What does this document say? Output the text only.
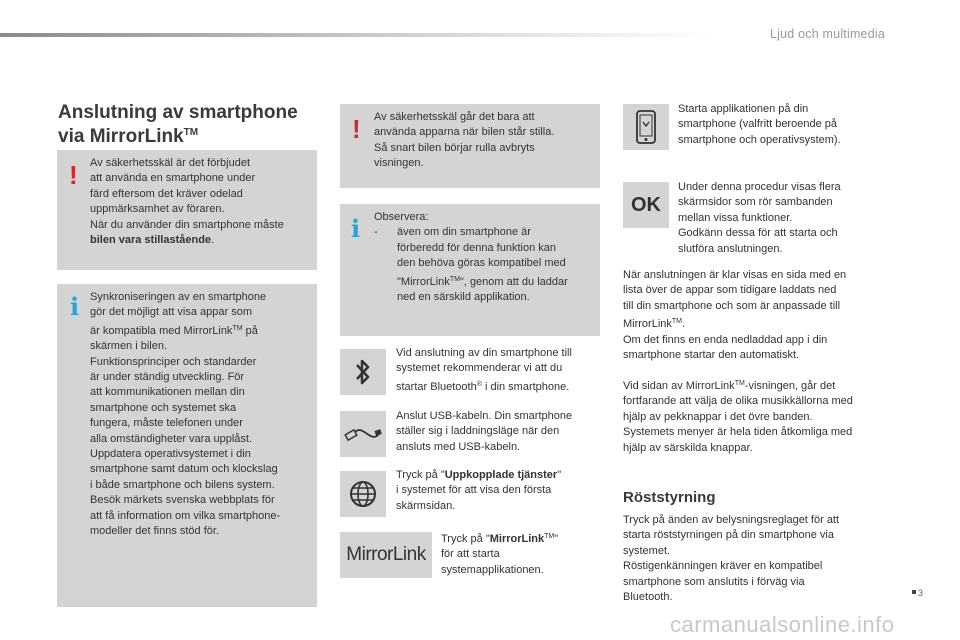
Ljud och multimedia
Anslutning av smartphone
via MirrorLink™
! Av säkerhetsskäl är det förbjudet
att använda en smartphone under
färd eftersom det kräver odelad
uppmärksamhet av föraren.
När du använder din smartphone måste
bilen vara stillastående.
i Synkroniseringen av en smartphone
gör det möjligt att visa appar som
är kompatibla med MirrorLink™ på
skärmen i bilen.
Funktionsprinciper och standarder
är under ständig utveckling. För
att kommunikationen mellan din
smartphone och systemet ska
fungera, måste telefonen under
alla omständigheter vara upplåst.
Uppdatera operativsystemet i din
smartphone samt datum och klockslag
i både smartphone och bilens system.
Besök märkets svenska webbplats för
att få information om vilka smartphone-
modeller det finns stöd för.
! Av säkerhetsskäl går det bara att
använda apparna när bilen står stilla.
Så snart bilen börjar rulla avbryts
visningen.
i Observera:
-	även om din smartphone är
förberedd för denna funktion kan
den behöva göras kompatibel med
"MirrorLink™", genom att du laddar
ned en särskild applikation.
Vid anslutning av din smartphone till
systemet rekommenderar vi att du
startar Bluetooth® i din smartphone.
Anslut USB-kabeln. Din smartphone
ställer sig i laddningsläge när den
ansluts med USB-kabeln.
Tryck på "Uppkopplade tjänster"
i systemet för att visa den första
skärmsidan.
MirrorLink
Tryck på "MirrorLink™"
för att starta
systemapplikationen.
Starta applikationen på din
smartphone (valfritt beroende på
smartphone och operativsystem).
OK
Under denna procedur visas flera
skärmsidor som rör sambanden
mellan vissa funktioner.
Godkänn dessa för att starta och
slutföra anslutningen.
När anslutningen är klar visas en sida med en
lista över de appar som tidigare laddats ned
till din smartphone och som är anpassade till
MirrorLink™.
Om det finns en enda nedladdad app i din
smartphone startar den automatiskt.
Vid sidan av MirrorLink™-visningen, går det
fortfarande att välja de olika musikkällorna med
hjälp av pekknappar i det övre banden.
Systemets menyer är hela tiden åtkomliga med
hjälp av särskilda knappar.
Röststyrning
Tryck på änden av belysningsreglaget för att
starta röststyrningen på din smartphone via
systemet.
Röstigenkänningen kräver en kompatibel
smartphone som anslutits i förväg via
Bluetooth.	3
carmanualsonline.info
